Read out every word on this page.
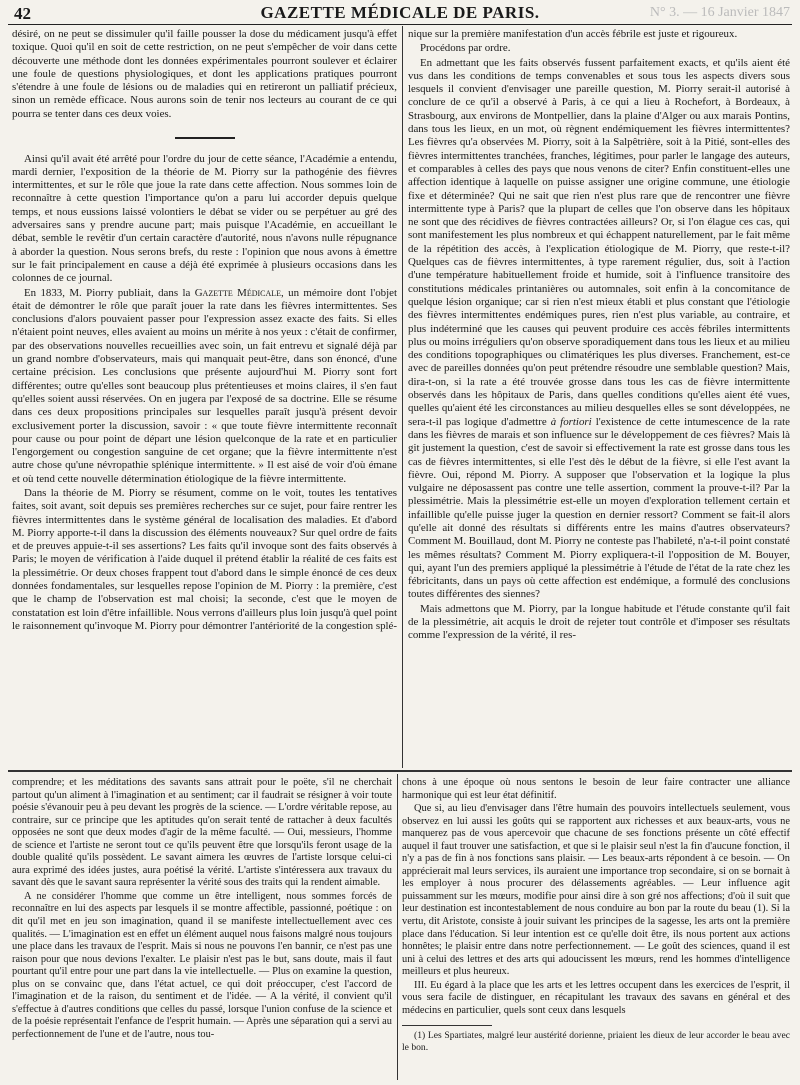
42	GAZETTE MÉDICALE DE PARIS.	N° 3. — 16 Janvier 1847

désiré, on ne peut se dissimuler qu'il faille pousser la dose du médicament jusqu'à effet toxique. Quoi qu'il en soit de cette restriction, on ne peut s'empêcher de voir dans cette découverte une méthode dont les données expérimentales pourront soulever et éclairer une foule de questions physiologiques, et dont les applications pratiques pourront s'étendre à une foule de lésions ou de maladies qui en retireront un palliatif précieux, sinon un remède efficace. Nous aurons soin de tenir nos lecteurs au courant de ce qui pourra se tenter dans ces deux voies.

Ainsi qu'il avait été arrêté pour l'ordre du jour de cette séance, l'Académie a entendu, mardi dernier, l'exposition de la théorie de M. Piorry sur la pathogénie des fièvres intermittentes, et sur le rôle que joue la rate dans cette affection. Nous sommes loin de reconnaître à cette question l'importance qu'on a paru lui accorder depuis quelque temps, et nous eussions laissé volontiers le débat se vider ou se perpétuer au gré des adversaires sans y prendre aucune part; mais puisque l'Académie, en accueillant le débat, semble le revêtir d'un certain caractère d'autorité, nous n'avons nulle répugnance à aborder la question. Nous serons brefs, du reste : l'opinion que nous avons à émettre sur le fait principalement en cause a déjà été exprimée à plusieurs occasions dans les colonnes de ce journal.

En 1833, M. Piorry publiait, dans la Gazette Médicale, un mémoire dont l'objet était de démontrer le rôle que paraît jouer la rate dans les fièvres intermittentes. Ses conclusions d'alors pouvaient passer pour l'expression assez exacte des faits. Si elles n'étaient point neuves, elles avaient au moins un mérite à nos yeux : c'était de confirmer, par des observations nouvelles recueillies avec soin, un fait entrevu et signalé déjà par un grand nombre d'observateurs, mais qui manquait peut-être, dans son énoncé, d'une certaine précision. Les conclusions que présente aujourd'hui M. Piorry sont fort différentes; outre qu'elles sont beaucoup plus prétentieuses et moins claires, il s'en faut qu'elles soient aussi réservées. On en jugera par l'exposé de sa doctrine. Elle se résume dans ces deux propositions principales sur lesquelles paraît jusqu'à présent devoir exclusivement porter la discussion, savoir : « que toute fièvre intermittente reconnaît pour cause ou pour point de départ une lésion quelconque de la rate et en particulier l'engorgement ou congestion sanguine de cet organe; que la fièvre intermittente n'est autre chose qu'une névropathie splénique intermittente. » Il est aisé de voir d'où émane et où tend cette nouvelle détermination étiologique de la fièvre intermittente.

Dans la théorie de M. Piorry se résument, comme on le voit, toutes les tentatives faites, soit avant, soit depuis ses premières recherches sur ce sujet, pour faire rentrer les fièvres intermittentes dans le système général de localisation des maladies. Et d'abord M. Piorry apporte-t-il dans la discussion des éléments nouveaux? Sur quel ordre de faits et de preuves appuie-t-il ses assertions? Les faits qu'il invoque sont des faits observés à Paris; le moyen de vérification à l'aide duquel il prétend établir la réalité de ces faits est la plessimétrie. Or deux choses frappent tout d'abord dans le simple énoncé de ces deux données fondamentales, sur lesquelles repose l'opinion de M. Piorry : la première, c'est que le champ de l'observation est mal choisi; la seconde, c'est que le moyen de constatation est loin d'être infaillible. Nous verrons d'ailleurs plus loin jusqu'à quel point le raisonnement qu'invoque M. Piorry pour démontrer l'antériorité de la congestion splé-

nique sur la première manifestation d'un accès fébrile est juste et rigoureux.

Procédons par ordre.

En admettant que les faits observés fussent parfaitement exacts, et qu'ils aient été vus dans les conditions de temps convenables et sous tous les aspects divers sous lesquels il convient d'envisager une pareille question, M. Piorry serait-il autorisé à conclure de ce qu'il a observé à Paris, à ce qui a lieu à Rochefort, à Bordeaux, à Strasbourg, aux environs de Montpellier, dans la plaine d'Alger ou aux marais Pontins, dans tous les lieux, en un mot, où règnent endémiquement les fièvres intermittentes? Les fièvres qu'a observées M. Piorry, soit à la Salpêtrière, soit à la Pitié, sont-elles des fièvres intermittentes tranchées, franches, légitimes, pour parler le langage des auteurs, et comparables à celles des pays que nous venons de citer? Enfin constituent-elles une affection identique à laquelle on puisse assigner une origine commune, une étiologie fixe et déterminée? Qui ne sait que rien n'est plus rare que de rencontrer une fièvre intermittente type à Paris? que la plupart de celles que l'on observe dans les hôpitaux ne sont que des récidives de fièvres contractées ailleurs? Or, si l'on élague ces cas, qui sont manifestement les plus nombreux et qui échappent naturellement, par le fait même de la répétition des accès, à l'explication étiologique de M. Piorry, que reste-t-il? Quelques cas de fièvres intermittentes, à type rarement régulier, dus, soit à l'action d'une température habituellement froide et humide, soit à l'influence transitoire des constitutions médicales printanières ou automnales, soit enfin à la concomitance de quelque lésion organique; car si rien n'est mieux établi et plus constant que l'étiologie des fièvres intermittentes endémiques pures, rien n'est plus variable, au contraire, et plus indéterminé que les causes qui peuvent produire ces accès fébriles intermittents plus ou moins irréguliers qu'on observe sporadiquement dans tous les lieux et au milieu des conditions topographiques ou climatériques les plus diverses. Franchement, est-ce avec de pareilles données qu'on peut prétendre résoudre une semblable question? Mais, dira-t-on, si la rate a été trouvée grosse dans tous les cas de fièvre intermittente observés dans les hôpitaux de Paris, dans quelles conditions qu'elles aient été vues, quelles qu'aient été les circonstances au milieu desquelles elles se sont développées, ne sera-t-il pas logique d'admettre à fortiori l'existence de cette intumescence de la rate dans les fièvres de marais et son influence sur le développement de ces fièvres? Mais là git justement la question, c'est de savoir si effectivement la rate est grosse dans tous les cas de fièvres intermittentes, si elle l'est dès le début de la fièvre, si elle l'est avant la fièvre. Oui, répond M. Piorry. A supposer que l'observation et la logique la plus vulgaire ne déposassent pas contre une telle assertion, comment la prouve-t-il? Par la plessimétrie. Mais la plessimétrie est-elle un moyen d'exploration tellement certain et infaillible qu'elle puisse juger la question en dernier ressort? Comment se fait-il alors qu'elle ait donné des résultats si différents entre les mains d'autres observateurs? Comment M. Bouillaud, dont M. Piorry ne conteste pas l'habileté, n'a-t-il point constaté les mêmes résultats? Comment M. Piorry expliquera-t-il l'opposition de M. Bouyer, qui, ayant l'un des premiers appliqué la plessimétrie à l'étude de l'état de la rate chez les fébricitants, dans un pays où cette affection est endémique, a formulé des conclusions toutes différentes des siennes?

Mais admettons que M. Piorry, par la longue habitude et l'étude constante qu'il fait de la plessimétrie, ait acquis le droit de rejeter tout contrôle et d'imposer ses résultats comme l'expression de la vérité, il res-

comprendre; et les méditations des savants sans attrait pour le poëte, s'il ne cherchait partout qu'un aliment à l'imagination et au sentiment; car il faudrait se résigner à voir toute poésie s'évanouir peu à peu devant les progrès de la science. — L'ordre véritable repose, au contraire, sur ce principe que les aptitudes qu'on serait tenté de rattacher à deux facultés opposées ne sont que deux modes d'agir de la même faculté. — Oui, messieurs, l'homme de science et l'artiste ne seront tout ce qu'ils peuvent être que lorsqu'ils feront usage de la double qualité qu'ils possèdent. Le savant aimera les œuvres de l'artiste lorsque celui-ci aura exprimé des idées justes, aura poétisé la vérité. L'artiste s'intéressera aux travaux du savant dès que le savant saura représenter la vérité sous des traits qui la rendent aimable.

A ne considérer l'homme que comme un être intelligent, nous sommes forcés de reconnaître en lui des aspects par lesquels il se montre affectible, passionné, poétique : on dit qu'il met en jeu son imagination, quand il se manifeste intellectuellement avec ces qualités. — L'imagination est en effet un élément auquel nous faisons malgré nous toujours une place dans les travaux de l'esprit. Mais si nous ne pouvons l'en bannir, ce n'est pas une raison pour que nous devions l'exalter. Le plaisir n'est pas le but, sans doute, mais il faut pourtant qu'il entre pour une part dans la vie intellectuelle. — Plus on examine la question, plus on se convainc que, dans l'état actuel, ce qui doit préoccuper, c'est l'accord de l'imagination et de la raison, du sentiment et de l'idée. — A la vérité, il convient qu'il s'effectue à d'autres conditions que celles du passé, lorsque l'union confuse de la science et de la poésie représentait l'enfance de l'esprit humain. — Après une séparation qui a servi au perfectionnement de l'une et de l'autre, nous tou-

chons à une époque où nous sentons le besoin de leur faire contracter une alliance harmonique qui est leur état définitif.

Que si, au lieu d'envisager dans l'être humain des pouvoirs intellectuels seulement, vous observez en lui aussi les goûts qui se rapportent aux richesses et aux beaux-arts, vous ne manquerez pas de vous apercevoir que chacune de ses fonctions présente un côté effectif auquel il faut trouver une satisfaction, et que si le plaisir seul n'est la fin d'aucune fonction, il n'y a pas de fin à nos fonctions sans plaisir. — Les beaux-arts répondent à ce besoin. — On apprécierait mal leurs services, ils auraient une importance trop secondaire, si on se bornait à les employer à nous procurer des délassements agréables. — Leur influence agit puissamment sur les mœurs, modifie pour ainsi dire à son gré nos affections; d'où il suit que leur destination est incontestablement de nous conduire au bon par la route du beau (1). Si la vertu, dit Aristote, consiste à jouir suivant les principes de la sagesse, les arts ont la première place dans l'éducation. Si leur intention est ce qu'elle doit être, ils nous portent aux actions honnêtes; le plaisir entre dans notre perfectionnement. — Le goût des sciences, quand il est uni à celui des lettres et des arts qui adoucissent les mœurs, rend les hommes d'intelligence meilleurs et plus heureux.

III. Eu égard à la place que les arts et les lettres occupent dans les exercices de l'esprit, il vous sera facile de distinguer, en récapitulant les travaux des savans en général et des médecins en particulier, quels sont ceux dans lesquels

(1) Les Spartiates, malgré leur austérité dorienne, priaient les dieux de leur accorder le beau avec le bon.
